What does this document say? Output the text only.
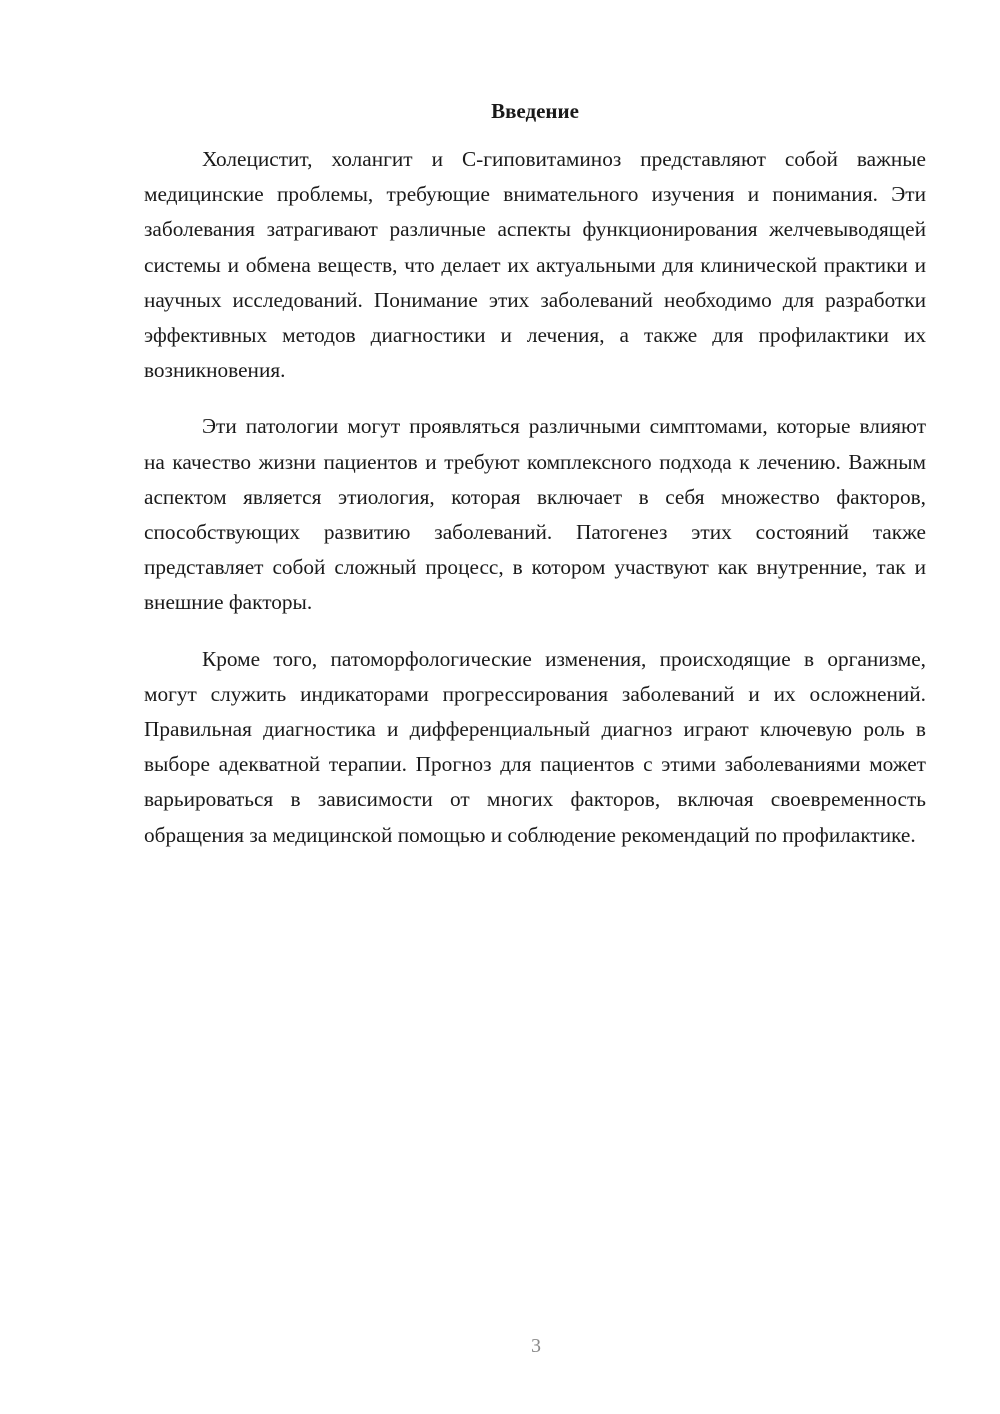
Введение

Холецистит, холангит и С-гиповитаминоз представляют собой важные медицинские проблемы, требующие внимательного изучения и понимания. Эти заболевания затрагивают различные аспекты функционирования желчевыводящей системы и обмена веществ, что делает их актуальными для клинической практики и научных исследований. Понимание этих заболеваний необходимо для разработки эффективных методов диагностики и лечения, а также для профилактики их возникновения.

Эти патологии могут проявляться различными симптомами, которые влияют на качество жизни пациентов и требуют комплексного подхода к лечению. Важным аспектом является этиология, которая включает в себя множество факторов, способствующих развитию заболеваний. Патогенез этих состояний также представляет собой сложный процесс, в котором участвуют как внутренние, так и внешние факторы.

Кроме того, патоморфологические изменения, происходящие в организме, могут служить индикаторами прогрессирования заболеваний и их осложнений. Правильная диагностика и дифференциальный диагноз играют ключевую роль в выборе адекватной терапии. Прогноз для пациентов с этими заболеваниями может варьироваться в зависимости от многих факторов, включая своевременность обращения за медицинской помощью и соблюдение рекомендаций по профилактике.

3
